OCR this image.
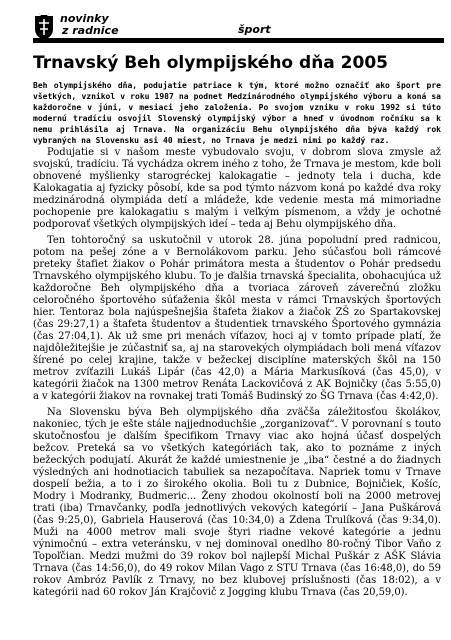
novinky
z radnice	šport
Trnavský Beh olympijského dňa 2005

Beh olympijského dňa, podujatie patriace k tým, ktoré možno označiť ako šport pre všetkých, vznikol v roku 1987 na podnet Medzinárodného olympijského výboru a koná sa každoročne v júni, v mesiaci jeho založenia. Po svojom vzniku v roku 1992 si túto modernú tradíciu osvojil Slovenský olympijský výbor a hneď v úvodnom ročníku sa k nemu prihlásila aj Trnava. Na organizáciu Behu olympijského dňa býva každý rok vybraných na Slovensku asi 40 miest, no Trnava je medzi nimi po každý raz.

Podujatie si v našom meste vybudovalo svoju, v dobrom slova zmysle až svojskú, tradíciu. Tá vychádza okrem iného z toho, že Trnava je mestom, kde boli obnovené myšlienky starogréckej kalokagatie – jednoty tela i ducha, kde Kalokagatia aj fyzicky pôsobí, kde sa pod týmto názvom koná po každé dva roky medzinárodná olympiáda detí a mládeže, kde vedenie mesta má mimoriadne pochopenie pre kalokagatiu s malým i veľkým písmenom, a vždy je ochotné podporovať všetkých olympijských ideí – teda aj Behu olympijského dňa.

Ten tohtoročný sa uskutočnil v utorok 28. júna popoludní pred radnicou, potom na pešej zóne a v Bernolákovom parku. Jeho súčasťou boli rámcové preteky štafiet žiakov o Pohár primátora mesta a študentov o Pohár predsedu Trnavského olympijského klubu. To je ďalšia trnavská špecialita, obohacujúca už každoročne Beh olympijského dňa a tvoriaca zároveň záverečnú zložku celoročného športového súťaženia škôl mesta v rámci Trnavských športových hier. Tentoraz bola najúspešnejšia štafeta žiakov a žiačok ZŠ zo Spartakovskej (čas 29:27,1) a štafeta študentov a študentiek trnavského Športového gymnázia (čas 27:04,1). Ak už sme pri menách víťazov, hoci aj v tomto prípade platí, že najdôležitejšie je zúčastniť sa, aj na starovekých olympiádach boli mená víťazov šírené po celej krajine, takže v bežeckej disciplíne materských škôl na 150 metrov zvíťazili Lukáš Lipár (čas 42,0) a Mária Markusíková (čas 45,0), v kategórii žiačok na 1300 metrov Renáta Lackovičová z AK Bojničky (čas 5:55,0) a v kategórii žiakov na rovnakej trati Tomáš Budinský zo ŠG Trnava (čas 4:42,0).

Na Slovensku býva Beh olympijského dňa zväčša záležitosťou školákov, nakoniec, tých je ešte stále najjednoduchšie „zorganizovať“. V porovnaní s touto skutočnosťou je ďalším špecifikom Trnavy viac ako hojná účasť dospelých bežcov. Preteká sa vo všetkých kategóriách tak, ako to poznáme z iných bežeckých podujatí. Akurát že každé umiestnenie je „iba“ čestné a do žiadnych výsledných ani hodnotiacich tabuliek sa nezapočítava. Napriek tomu v Trnave dospelí bežia, a to i zo širokého okolia. Boli tu z Dubnice, Bojničiek, Košíc, Modry i Modranky, Budmeric... Ženy zhodou okolností boli na 2000 metrovej trati (iba) Trnavčanky, podľa jednotlivých vekových kategórií – Jana Puškárová (čas 9:25,0), Gabriela Hauserová (čas 10:34,0) a Zdena Trulíková (čas 9:34,0). Muži na 4000 metrov mali svoje štyri riadne vekové kategórie a jednu výnimočnú – extra veteránsku, v nej dominoval onedlho 80-ročný Tibor Vaňo z Topoľčian. Medzi mužmi do 39 rokov bol najlepší Michal Puškár z AŠK Slávia Trnava (čas 14:56,0), do 49 rokov Milan Vago z STU Trnava (čas 16:48,0), do 59 rokov Ambróz Pavlík z Trnavy, no bez klubovej príslušnosti (čas 18:02), a v kategórii nad 60 rokov Ján Krajčovič z Jogging klubu Trnava (čas 20,59,0).
